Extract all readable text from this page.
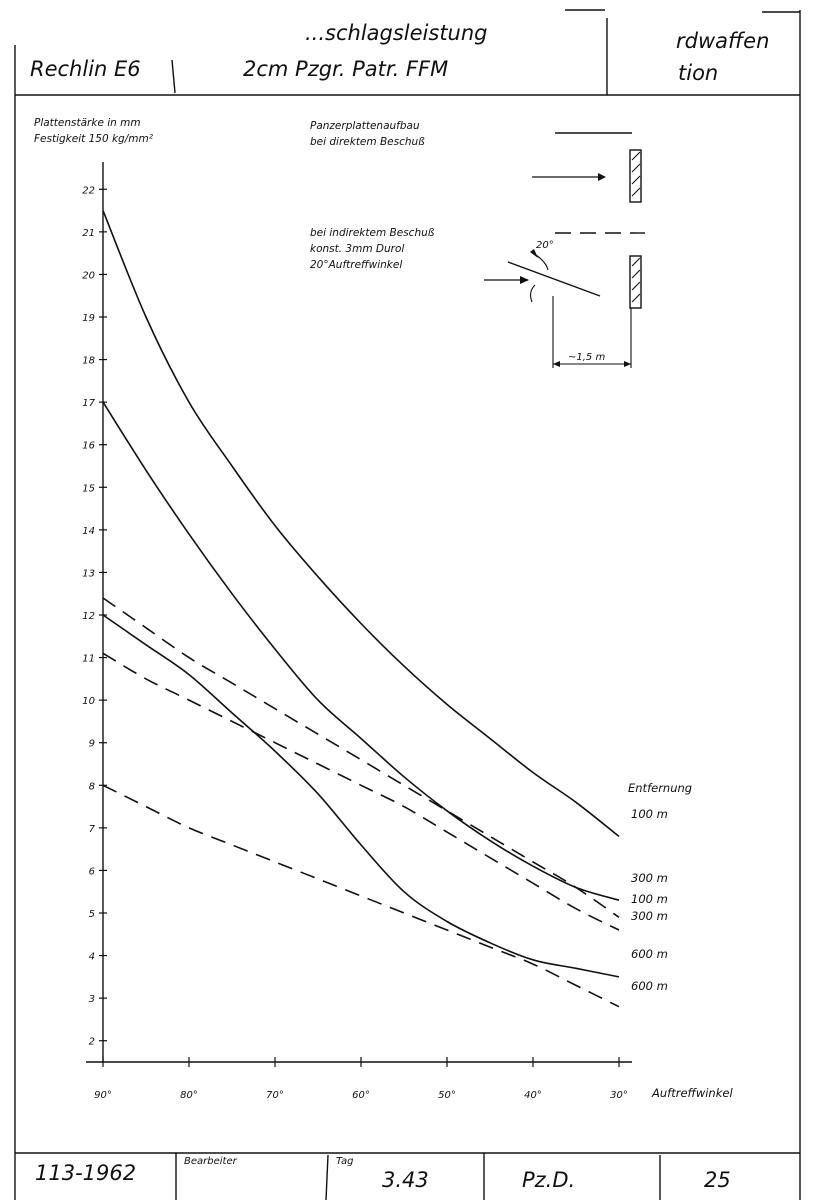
...schlagsleistung
Rechlin E6	2cm Pzgr. Patr. FFM
rdwaffen
tion
Plattenstärke in mm
Festigkeit 150 kg/mm²
2
3
4
5
6
7
8
9
10
11
12
13
14
15
16
17
18
19
20
21
22
90°	80°	70°	60°	50°	40°	30° Auftreffwinkel
Entfernung
100 m
300 m
600 m
100 m
300 m
600 m
Panzerplattenaufbau
bei direktem Beschuß
bei indirektem Beschuß
konst. 3mm Durol
20°Auftreffwinkel
20°
~1,5 m
113-1962	Bearbeiter	Tag
3.43	Pz.D.	25
